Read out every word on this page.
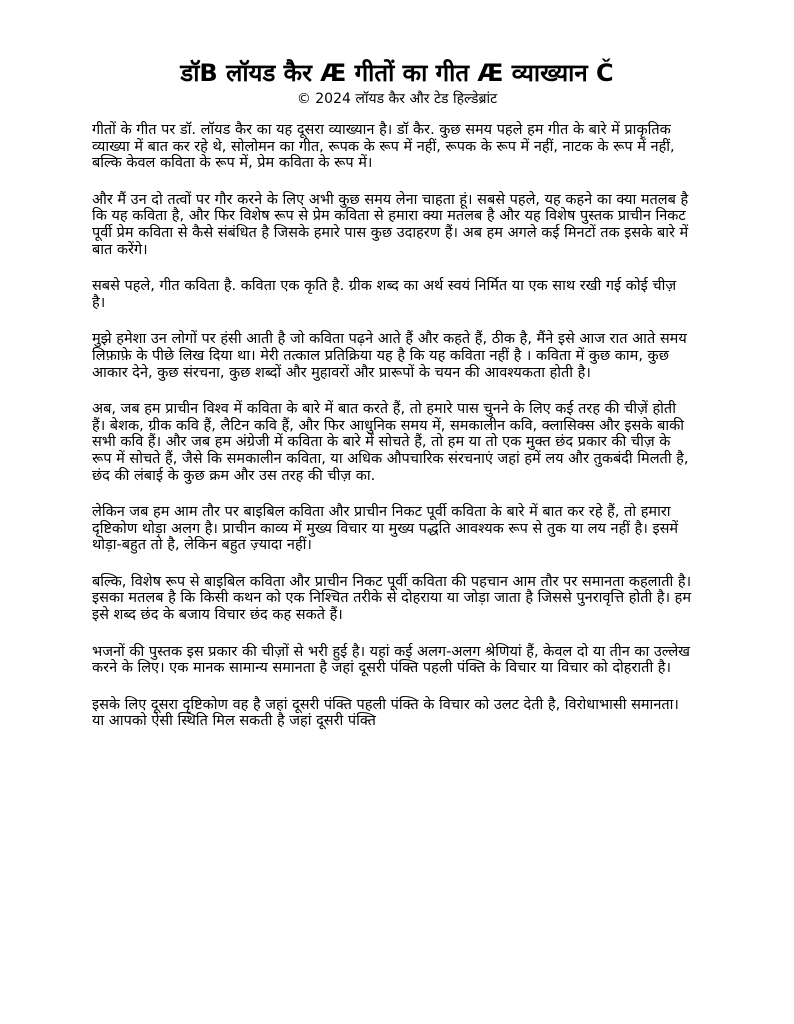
डॉB लॉयड कैर Æ गीतों का गीत Æ व्याख्यान Č

© 2024 लॉयड कैर और टेड हिल्डेब्रांट

गीतों के गीत पर डॉ. लॉयड कैर का यह दूसरा व्याख्यान है। डॉ कैर. कुछ समय पहले हम गीत के बारे में प्राकृतिक व्याख्या में बात कर रहे थे, सोलोमन का गीत, रूपक के रूप में नहीं, रूपक के रूप में नहीं, नाटक के रूप में नहीं, बल्कि केवल कविता के रूप में, प्रेम कविता के रूप में।

और मैं उन दो तत्वों पर गौर करने के लिए अभी कुछ समय लेना चाहता हूं। सबसे पहले, यह कहने का क्या मतलब है कि यह कविता है, और फिर विशेष रूप से प्रेम कविता से हमारा क्या मतलब है और यह विशेष पुस्तक प्राचीन निकट पूर्वी प्रेम कविता से कैसे संबंधित है जिसके हमारे पास कुछ उदाहरण हैं। अब हम अगले कई मिनटों तक इसके बारे में बात करेंगे।

सबसे पहले, गीत कविता है. कविता एक कृति है. ग्रीक शब्द का अर्थ स्वयं निर्मित या एक साथ रखी गई कोई चीज़ है।

मुझे हमेशा उन लोगों पर हंसी आती है जो कविता पढ़ने आते हैं और कहते हैं, ठीक है, मैंने इसे आज रात आते समय लिफ़ाफ़े के पीछे लिख दिया था। मेरी तत्काल प्रतिक्रिया यह है कि यह कविता नहीं है । कविता में कुछ काम, कुछ आकार देने, कुछ संरचना, कुछ शब्दों और मुहावरों और प्रारूपों के चयन की आवश्यकता होती है।

अब, जब हम प्राचीन विश्व में कविता के बारे में बात करते हैं, तो हमारे पास चुनने के लिए कई तरह की चीज़ें होती हैं। बेशक, ग्रीक कवि हैं, लैटिन कवि हैं, और फिर आधुनिक समय में, समकालीन कवि, क्लासिक्स और इसके बाकी सभी कवि हैं। और जब हम अंग्रेजी में कविता के बारे में सोचते हैं, तो हम या तो एक मुक्त छंद प्रकार की चीज़ के रूप में सोचते हैं, जैसे कि समकालीन कविता, या अधिक औपचारिक संरचनाएं जहां हमें लय और तुकबंदी मिलती है, छंद की लंबाई के कुछ क्रम और उस तरह की चीज़ का.

लेकिन जब हम आम तौर पर बाइबिल कविता और प्राचीन निकट पूर्वी कविता के बारे में बात कर रहे हैं, तो हमारा दृष्टिकोण थोड़ा अलग है। प्राचीन काव्य में मुख्य विचार या मुख्य पद्धति आवश्यक रूप से तुक या लय नहीं है। इसमें थोड़ा-बहुत तो है, लेकिन बहुत ज़्यादा नहीं।

बल्कि, विशेष रूप से बाइबिल कविता और प्राचीन निकट पूर्वी कविता की पहचान आम तौर पर समानता कहलाती है। इसका मतलब है कि किसी कथन को एक निश्चित तरीके से दोहराया या जोड़ा जाता है जिससे पुनरावृत्ति होती है। हम इसे शब्द छंद के बजाय विचार छंद कह सकते हैं।

भजनों की पुस्तक इस प्रकार की चीज़ों से भरी हुई है। यहां कई अलग-अलग श्रेणियां हैं, केवल दो या तीन का उल्लेख करने के लिए। एक मानक सामान्य समानता है जहां दूसरी पंक्ति पहली पंक्ति के विचार या विचार को दोहराती है।

इसके लिए दूसरा दृष्टिकोण वह है जहां दूसरी पंक्ति पहली पंक्ति के विचार को उलट देती है, विरोधाभासी समानता। या आपको ऐसी स्थिति मिल सकती है जहां दूसरी पंक्ति
